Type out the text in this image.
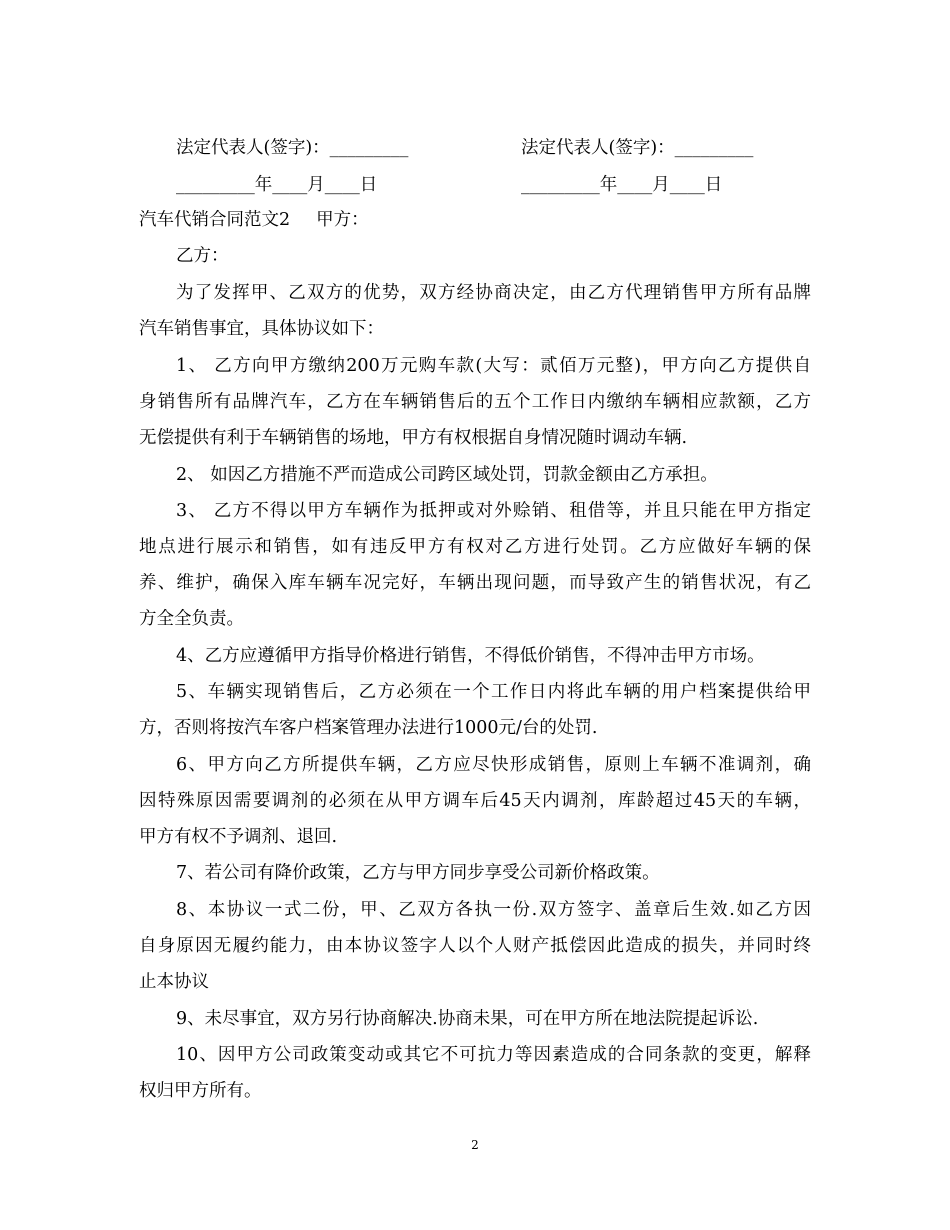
法定代表人(签字)：_________	法定代表人(签字)：_________
_________年____月____日	_________年____月____日
汽车代销合同范文2 甲方：
乙方：
为了发挥甲、乙双方的优势，双方经协商决定，由乙方代理销售甲方所有品牌
汽车销售事宜，具体协议如下：
1、 乙方向甲方缴纳200万元购车款(大写：贰佰万元整)，甲方向乙方提供自
身销售所有品牌汽车，乙方在车辆销售后的五个工作日内缴纳车辆相应款额，乙方
无偿提供有利于车辆销售的场地，甲方有权根据自身情况随时调动车辆.
2、 如因乙方措施不严而造成公司跨区域处罚，罚款金额由乙方承担。
3、 乙方不得以甲方车辆作为抵押或对外赊销、租借等，并且只能在甲方指定
地点进行展示和销售，如有违反甲方有权对乙方进行处罚。乙方应做好车辆的保
养、维护，确保入库车辆车况完好，车辆出现问题，而导致产生的销售状况，有乙
方全全负责。
4、乙方应遵循甲方指导价格进行销售，不得低价销售，不得冲击甲方市场。
5、车辆实现销售后，乙方必须在一个工作日内将此车辆的用户档案提供给甲
方，否则将按汽车客户档案管理办法进行1000元/台的处罚.
6、甲方向乙方所提供车辆，乙方应尽快形成销售，原则上车辆不准调剂，确
因特殊原因需要调剂的必须在从甲方调车后45天内调剂，库龄超过45天的车辆，
甲方有权不予调剂、退回.
7、若公司有降价政策，乙方与甲方同步享受公司新价格政策。
8、本协议一式二份，甲、乙双方各执一份.双方签字、盖章后生效.如乙方因
自身原因无履约能力，由本协议签字人以个人财产抵偿因此造成的损失，并同时终
止本协议
9、未尽事宜，双方另行协商解决.协商未果，可在甲方所在地法院提起诉讼.
10、因甲方公司政策变动或其它不可抗力等因素造成的合同条款的变更，解释
权归甲方所有。
2
